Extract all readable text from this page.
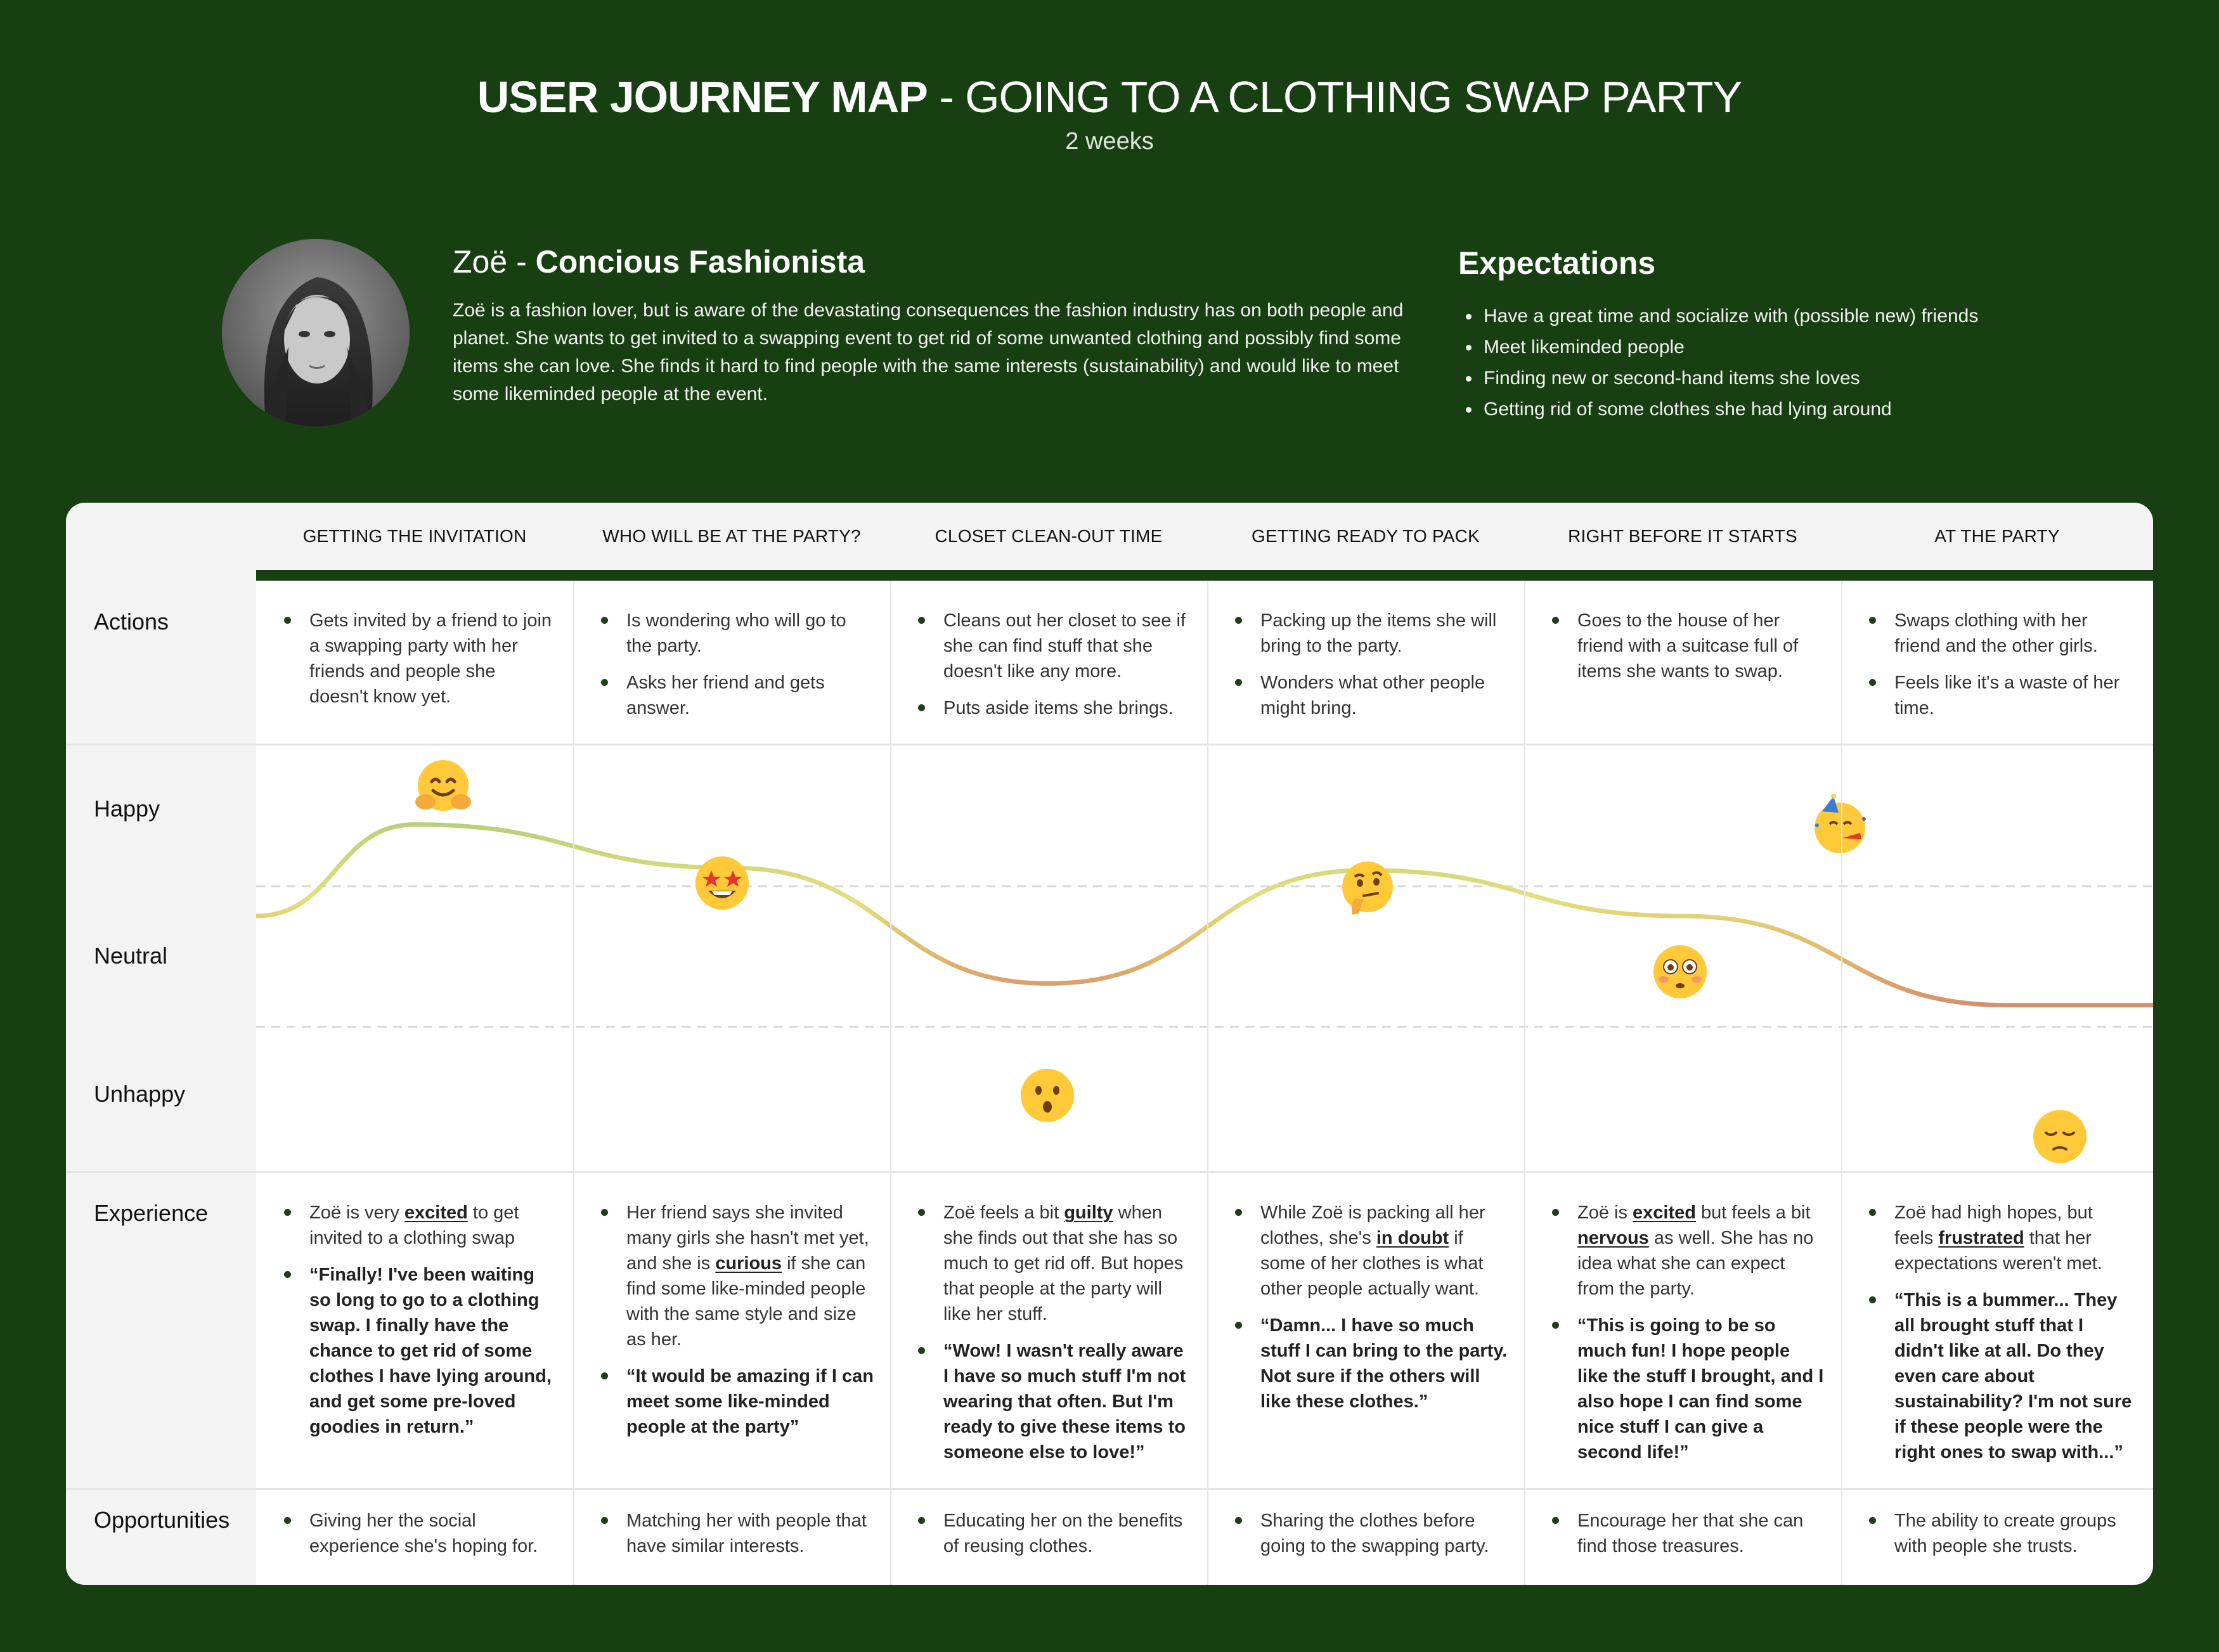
USER JOURNEY MAP - GOING TO A CLOTHING SWAP PARTY
2 weeks
Zoë - Concious Fashionista
Zoë is a fashion lover, but is aware of the devastating consequences the fashion industry has on both people and planet. She wants to get invited to a swapping event to get rid of some unwanted clothing and possibly find some items she can love. She finds it hard to find people with the same interests (sustainability) and would like to meet some likeminded people at the event.
Expectations
• Have a great time and socialize with (possible new) friends
• Meet likeminded people
• Finding new or second-hand items she loves
• Getting rid of some clothes she had lying around
Actions
Happy
Neutral
Unhappy
Experience
Opportunities
GETTING THE INVITATION
Gets invited by a friend to join a swapping party with her friends and people she doesn't know yet.
Zoë is very excited to get invited to a clothing swap
“Finally! I've been waiting so long to go to a clothing swap. I finally have the chance to get rid of some clothes I have lying around, and get some pre-loved goodies in return.”
Giving her the social experience she's hoping for.
WHO WILL BE AT THE PARTY?
Is wondering who will go to the party.
Asks her friend and gets answer.
Her friend says she invited many girls she hasn't met yet, and she is curious if she can find some like-minded people with the same style and size as her.
“It would be amazing if I can meet some like-minded people at the party”
Matching her with people that have similar interests.
CLOSET CLEAN-OUT TIME
Cleans out her closet to see if she can find stuff that she doesn't like any more.
Puts aside items she brings.
Zoë feels a bit guilty when she finds out that she has so much to get rid off. But hopes that people at the party will like her stuff.
“Wow! I wasn't really aware I have so much stuff I'm not wearing that often. But I'm ready to give these items to someone else to love!”
Educating her on the benefits of reusing clothes.
GETTING READY TO PACK
Packing up the items she will bring to the party.
Wonders what other people might bring.
While Zoë is packing all her clothes, she's in doubt if some of her clothes is what other people actually want.
“Damn... I have so much stuff I can bring to the party. Not sure if the others will like these clothes.”
Sharing the clothes before going to the swapping party.
RIGHT BEFORE IT STARTS
Goes to the house of her friend with a suitcase full of items she wants to swap.
Zoë is excited but feels a bit nervous as well. She has no idea what she can expect from the party.
“This is going to be so much fun! I hope people like the stuff I brought, and I also hope I can find some nice stuff I can give a second life!”
Encourage her that she can find those treasures.
AT THE PARTY
Swaps clothing with her friend and the other girls.
Feels like it's a waste of her time.
Zoë had high hopes, but feels frustrated that her expectations weren't met.
“This is a bummer... They all brought stuff that I didn't like at all. Do they even care about sustainability? I'm not sure if these people were the right ones to swap with...”
The ability to create groups with people she trusts.
